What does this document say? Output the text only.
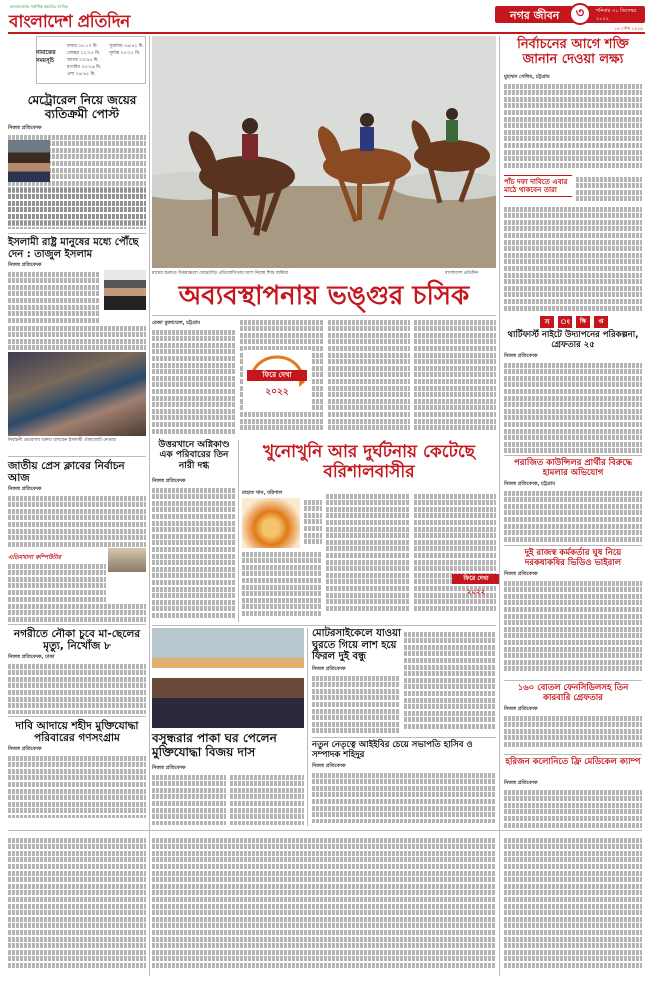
বাংলাদেশের সর্বাধিক প্রচারিত দৈনিক
বাংলাদেশ প্রতিদিন	নগর জীবন	৩	শনিবার ৩১ ডিসেম্বর ২০২২
১৬ পৌষ ১৪২৯
নামাজের সময়সূচি
ফজর ০৫:১০ মি.
জোহর ১২:০৫ মি.
আসর ০৩:৪৫ মি.
মাগরিব ০৫:২৬ মি.
এশা ০৬:৪৫ মি.
সূর্যোদয় ০৬:৪২ মি.
সূর্যাস্ত ০৫:২২ মি.
মেট্রোরেল নিয়ে জয়ের ব্যতিক্রমী পোস্ট
নিজস্ব প্রতিবেদক
ইসলামী রাষ্ট্র মানুষের মধ্যে পৌঁছে দেন : তাজুল ইসলাম
নিজস্ব প্রতিবেদক
নির্বাচনী প্রচারণায় বক্তব্য রাখছেন ইসলামী ঐক্যজোট নেতারা
জাতীয় প্রেস ক্লাবের নির্বাচন আজ
নিজস্ব প্রতিবেদক
এতিমখানা কম্পিউটার
নগরীতে নৌকা চুবে মা-ছেলের মৃত্যু, নিখোঁজ ৮
নিজস্ব প্রতিবেদক, ঢাকা
দাবি আদায়ে শহীদ মুক্তিযোদ্ধা পরিবারের গণসংগ্রাম
নিজস্ব প্রতিবেদক
মাঘের শুরুতে উত্তরাঞ্চলে ঘোড়দৌড় প্রতিযোগিতায় অংশ নিচ্ছে শিশু জকিরা	বাংলাদেশ প্রতিদিন
অব্যবস্থাপনায় ভঙ্গুর চসিক
রেজা মুজাম্মেল, চট্টগ্রাম
ফিরে দেখা
২০২২
উত্তরখানে অগ্নিকাণ্ড এক পরিবারের তিন নারী দগ্ধ
নিজস্ব প্রতিবেদক
খুনোখুনি আর দুর্ঘটনায় কেটেছে বরিশালবাসীর
রাহাত খান, বরিশাল
ফিরে দেখা
২০২২
বসুন্ধরার পাকা ঘর পেলেন মুক্তিযোদ্ধা বিজয় দাস
নিজস্ব প্রতিবেদক
মোটরসাইকেলে যাওয়া ঘুরতে গিয়ে লাশ হয়ে ফিরল দুই বন্ধু
নিজস্ব প্রতিবেদক
নতুন নেতৃত্বে আইইবির চেয়ে সভাপতি হাসিব ও সম্পাদক শহিদুর
নিজস্ব প্রতিবেদক
নির্বাচনের আগে শক্তি জানান দেওয়া লক্ষ্য
মুহাম্মদ সেলিম, চট্টগ্রাম
পাঁচ দফা দাবিতে এবার মাঠে থাকবেন তারা
স	ং	ক্ষি	প্ত
থার্টিফার্স্ট নাইটে উদ্যাপনের পরিকল্পনা, গ্রেফতার ২৫
নিজস্ব প্রতিবেদক
পরাজিত কাউন্সিলর প্রার্থীর বিরুদ্ধে হামলার অভিযোগ
নিজস্ব প্রতিবেদক, চট্টগ্রাম
দুই রাজস্ব কর্মকর্তার ঘুষ নিয়ে দরকষাকষির ভিডিও ভাইরাল
নিজস্ব প্রতিবেদক
১৬০ বোতল ফেনসিডিলসহ তিন কারবারি গ্রেফতার
নিজস্ব প্রতিবেদক
হরিজন কলোনিতে ফ্রি মেডিকেল ক্যাম্প
নিজস্ব প্রতিবেদক
